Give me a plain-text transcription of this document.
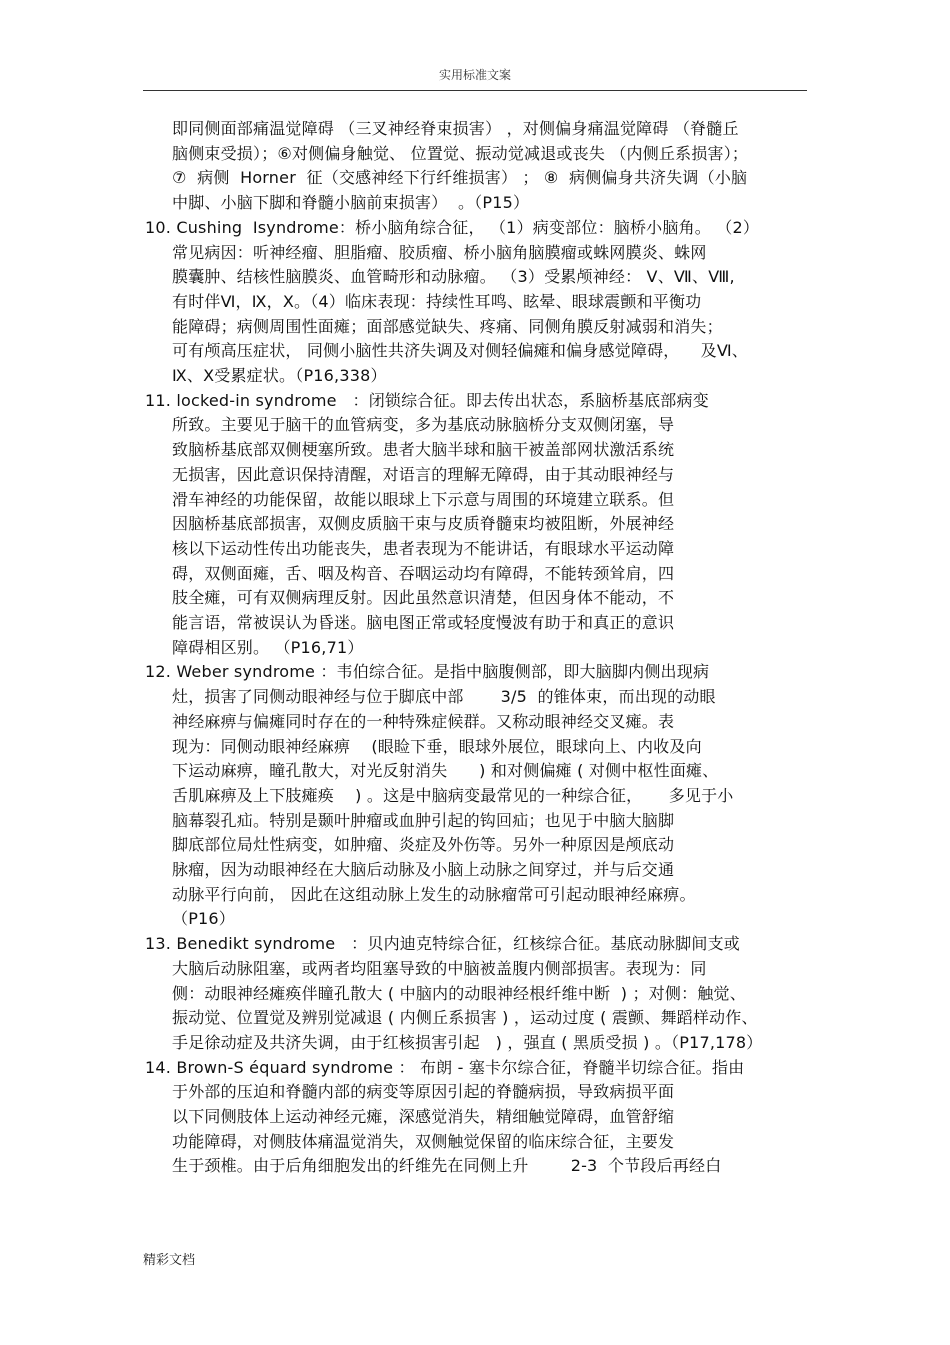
实用标准文案
即同侧面部痛温觉障碍 （三叉神经脊束损害） ，对侧偏身痛温觉障碍 （脊髓丘
脑侧束受损）；⑥对侧偏身触觉、 位置觉、振动觉减退或丧失 （内侧丘系损害）；
⑦  病侧  Horner  征（交感神经下行纤维损害） ； ⑧  病侧偏身共济失调（小脑
中脚、小脑下脚和脊髓小脑前束损害）  。（P15）
10. Cushing  Ⅰsyndrome：桥小脑角综合征， （1）病变部位：脑桥小脑角。 （2）
常见病因：听神经瘤、胆脂瘤、胶质瘤、桥小脑角脑膜瘤或蛛网膜炎、蛛网
膜囊肿、结核性脑膜炎、血管畸形和动脉瘤。 （3）受累颅神经： Ⅴ、Ⅶ、Ⅷ,
有时伴Ⅵ，Ⅸ，Ⅹ。（4）临床表现：持续性耳鸣、眩晕、眼球震颤和平衡功
能障碍；病侧周围性面瘫；面部感觉缺失、疼痛、同侧角膜反射减弱和消失；
可有颅高压症状， 同侧小脑性共济失调及对侧轻偏瘫和偏身感觉障碍，    及Ⅵ、
Ⅸ、Ⅹ受累症状。（P16,338）
11. locked-in syndrome   ：闭锁综合征。即去传出状态，系脑桥基底部病变
所致。主要见于脑干的血管病变，多为基底动脉脑桥分支双侧闭塞，导
致脑桥基底部双侧梗塞所致。患者大脑半球和脑干被盖部网状激活系统
无损害，因此意识保持清醒，对语言的理解无障碍，由于其动眼神经与
滑车神经的功能保留，故能以眼球上下示意与周围的环境建立联系。但
因脑桥基底部损害，双侧皮质脑干束与皮质脊髓束均被阻断，外展神经
核以下运动性传出功能丧失，患者表现为不能讲话，有眼球水平运动障
碍，双侧面瘫，舌、咽及构音、吞咽运动均有障碍，不能转颈耸肩，四
肢全瘫，可有双侧病理反射。因此虽然意识清楚，但因身体不能动，不
能言语，常被误认为昏迷。脑电图正常或轻度慢波有助于和真正的意识
障碍相区别。 （P16,71）
12. Weber syndrome ：韦伯综合征。是指中脑腹侧部，即大脑脚内侧出现病
灶，损害了同侧动眼神经与位于脚底中部       3/5  的锥体束，而出现的动眼
神经麻痹与偏瘫同时存在的一种特殊症候群。又称动眼神经交叉瘫。表
现为：同侧动眼神经麻痹    (眼睑下垂，眼球外展位，眼球向上、内收及向
下运动麻痹，瞳孔散大，对光反射消失      ) 和对侧偏瘫 ( 对侧中枢性面瘫、
舌肌麻痹及上下肢瘫痪    ) 。这是中脑病变最常见的一种综合征，     多见于小
脑幕裂孔疝。特别是颞叶肿瘤或血肿引起的钩回疝；也见于中脑大脑脚
脚底部位局灶性病变，如肿瘤、炎症及外伤等。另外一种原因是颅底动
脉瘤，因为动眼神经在大脑后动脉及小脑上动脉之间穿过，并与后交通
动脉平行向前， 因此在这组动脉上发生的动脉瘤常可引起动眼神经麻痹。
（P16）
13. Benedikt syndrome   ：贝内迪克特综合征，红核综合征。基底动脉脚间支或
大脑后动脉阻塞，或两者均阻塞导致的中脑被盖腹内侧部损害。表现为：同
侧：动眼神经瘫痪伴瞳孔散大 ( 中脑内的动眼神经根纤维中断  ) ；对侧：触觉、
振动觉、位置觉及辨别觉减退 ( 内侧丘系损害 ) ，运动过度 ( 震颤、舞蹈样动作、
手足徐动症及共济失调，由于红核损害引起   ) ，强直 ( 黑质受损 ) 。（P17,178）
14. Brown-S équard syndrome ： 布朗 - 塞卡尔综合征，脊髓半切综合征。指由
于外部的压迫和脊髓内部的病变等原因引起的脊髓病损，导致病损平面
以下同侧肢体上运动神经元瘫，深感觉消失，精细触觉障碍，血管舒缩
功能障碍，对侧肢体痛温觉消失，双侧触觉保留的临床综合征，主要发
生于颈椎。由于后角细胞发出的纤维先在同侧上升        2-3  个节段后再经白
精彩文档
